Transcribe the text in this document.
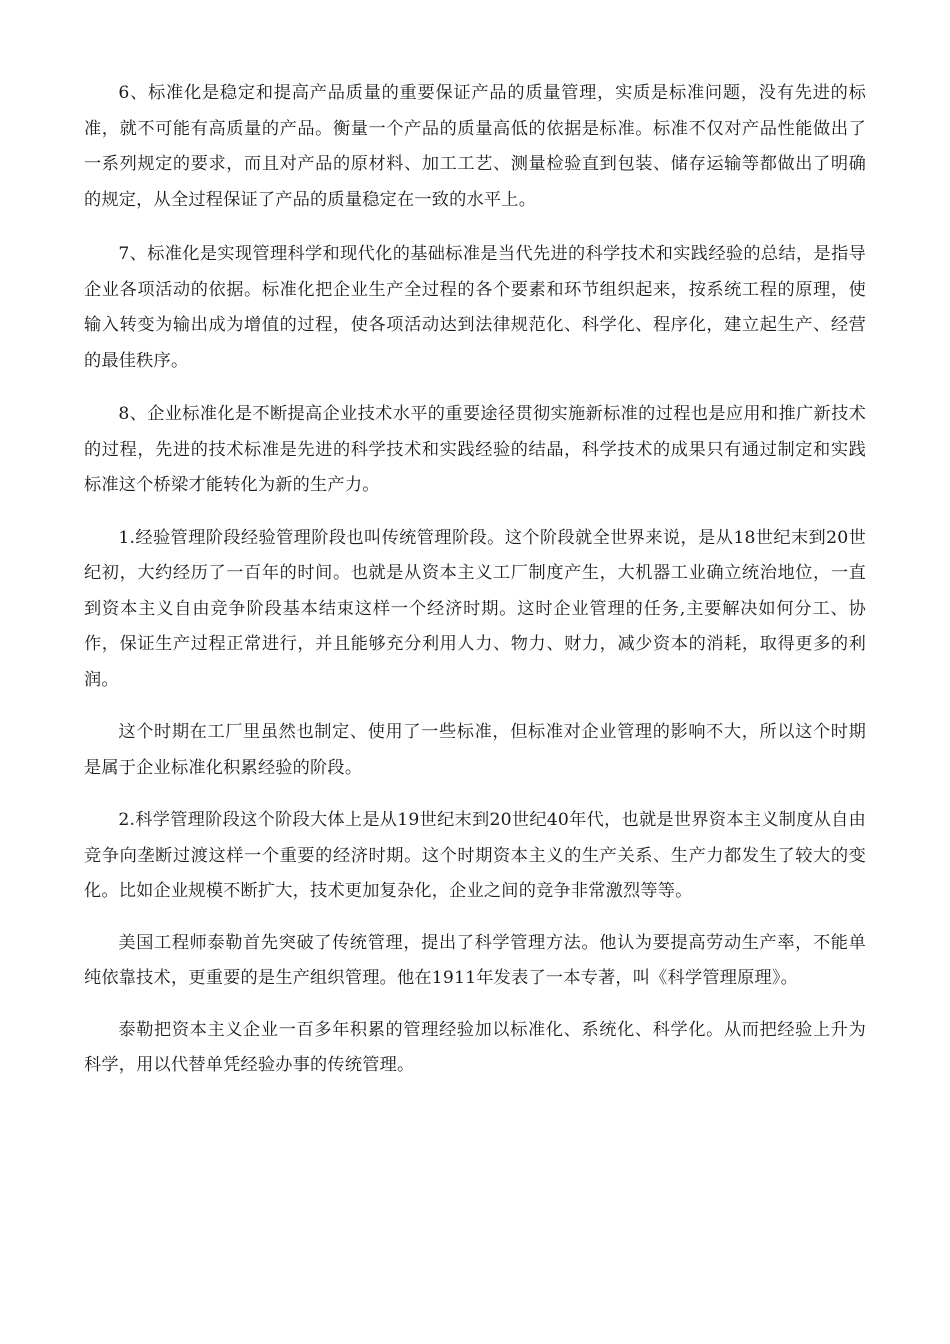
6、标准化是稳定和提高产品质量的重要保证产品的质量管理，实质是标准问题，没有先进的标准，就不可能有高质量的产品。衡量一个产品的质量高低的依据是标准。标准不仅对产品性能做出了一系列规定的要求，而且对产品的原材料、加工工艺、测量检验直到包装、储存运输等都做出了明确的规定，从全过程保证了产品的质量稳定在一致的水平上。

7、标准化是实现管理科学和现代化的基础标准是当代先进的科学技术和实践经验的总结，是指导企业各项活动的依据。标准化把企业生产全过程的各个要素和环节组织起来，按系统工程的原理，使输入转变为输出成为增值的过程，使各项活动达到法律规范化、科学化、程序化，建立起生产、经营的最佳秩序。

8、企业标准化是不断提高企业技术水平的重要途径贯彻实施新标准的过程也是应用和推广新技术的过程，先进的技术标准是先进的科学技术和实践经验的结晶，科学技术的成果只有通过制定和实践标准这个桥梁才能转化为新的生产力。

1.经验管理阶段经验管理阶段也叫传统管理阶段。这个阶段就全世界来说，是从18世纪末到20世纪初，大约经历了一百年的时间。也就是从资本主义工厂制度产生，大机器工业确立统治地位，一直到资本主义自由竞争阶段基本结束这样一个经济时期。这时企业管理的任务,主要解决如何分工、协作，保证生产过程正常进行，并且能够充分利用人力、物力、财力，减少资本的消耗，取得更多的利润。

这个时期在工厂里虽然也制定、使用了一些标准，但标准对企业管理的影响不大，所以这个时期是属于企业标准化积累经验的阶段。

2.科学管理阶段这个阶段大体上是从19世纪末到20世纪40年代，也就是世界资本主义制度从自由竞争向垄断过渡这样一个重要的经济时期。这个时期资本主义的生产关系、生产力都发生了较大的变化。比如企业规模不断扩大，技术更加复杂化，企业之间的竞争非常激烈等等。

美国工程师泰勒首先突破了传统管理，提出了科学管理方法。他认为要提高劳动生产率，不能单纯依靠技术，更重要的是生产组织管理。他在1911年发表了一本专著，叫《科学管理原理》。

泰勒把资本主义企业一百多年积累的管理经验加以标准化、系统化、科学化。从而把经验上升为科学，用以代替单凭经验办事的传统管理。
